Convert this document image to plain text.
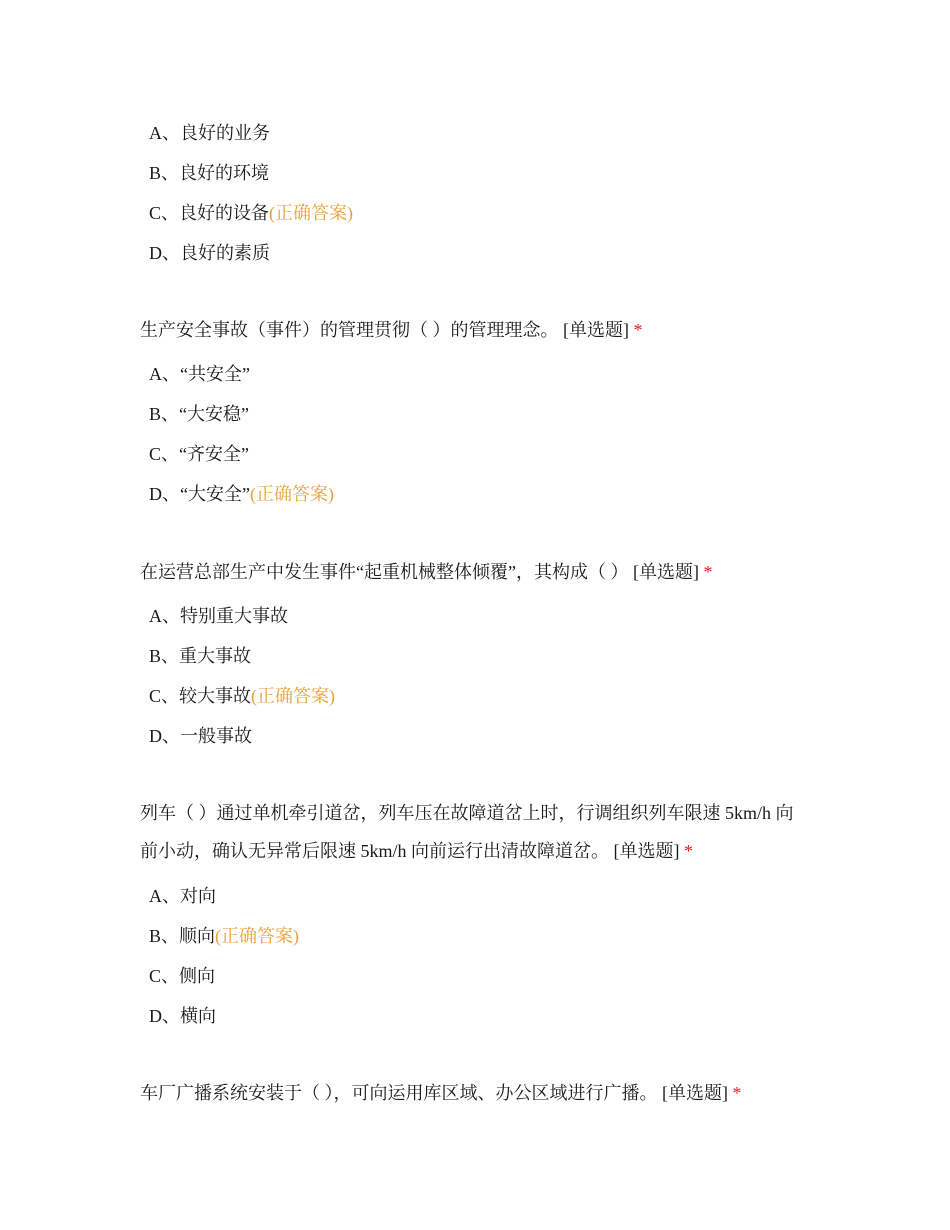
A、良好的业务
B、良好的环境
C、良好的设备(正确答案)
D、良好的素质
生产安全事故（事件）的管理贯彻（ ）的管理理念。 [单选题] *
A、“共安全”
B、“大安稳”
C、“齐安全”
D、“大安全”(正确答案)
在运营总部生产中发生事件“起重机械整体倾覆”，其构成（ ） [单选题] *
A、特别重大事故
B、重大事故
C、较大事故(正确答案)
D、一般事故
列车（ ）通过单机牵引道岔，列车压在故障道岔上时，行调组织列车限速 5km/h 向前小动，确认无异常后限速 5km/h 向前运行出清故障道岔。 [单选题] *
A、对向
B、顺向(正确答案)
C、侧向
D、横向
车厂广播系统安装于（ ），可向运用库区域、办公区域进行广播。 [单选题] *
